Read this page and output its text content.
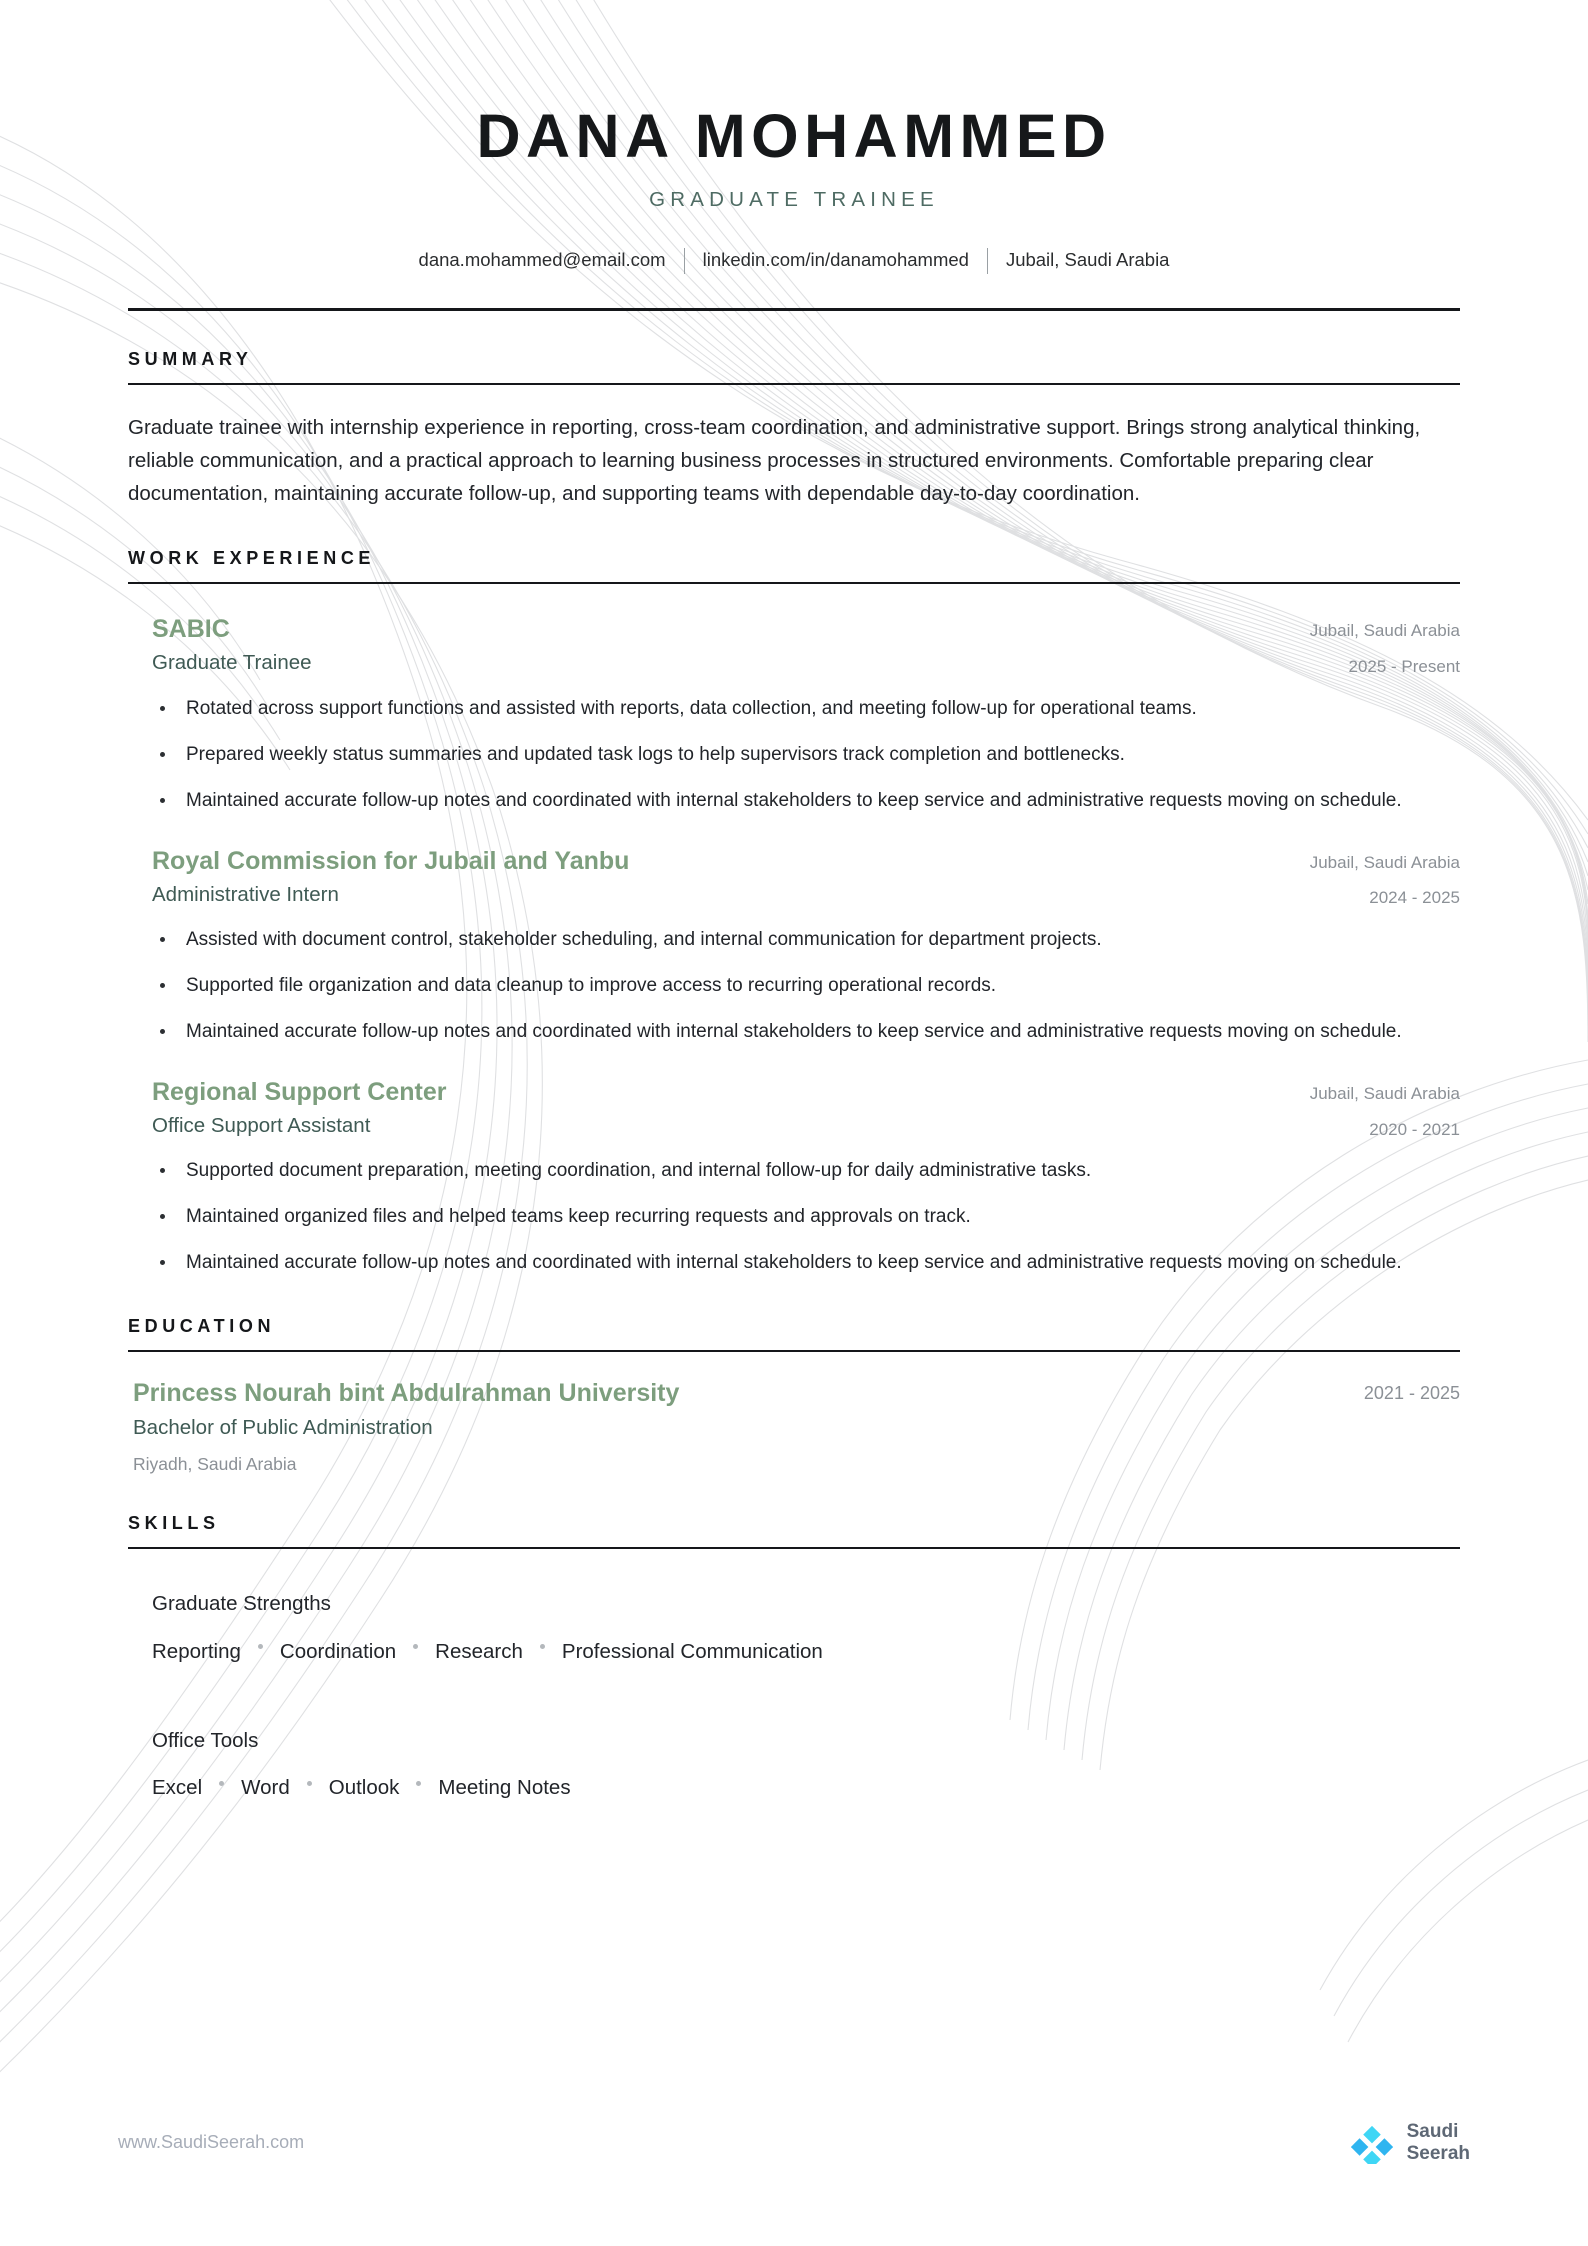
DANA MOHAMMED
GRADUATE TRAINEE
dana.mohammed@email.com linkedin.com/in/danamohammed Jubail, Saudi Arabia
SUMMARY
Graduate trainee with internship experience in reporting, cross-team coordination, and administrative support. Brings strong analytical thinking, reliable communication, and a practical approach to learning business processes in structured environments. Comfortable preparing clear documentation, maintaining accurate follow-up, and supporting teams with dependable day-to-day coordination.
WORK EXPERIENCE
SABIC
Graduate Trainee
Jubail, Saudi Arabia
2025 - Present
Rotated across support functions and assisted with reports, data collection, and meeting follow-up for operational teams.
Prepared weekly status summaries and updated task logs to help supervisors track completion and bottlenecks.
Maintained accurate follow-up notes and coordinated with internal stakeholders to keep service and administrative requests moving on schedule.
Royal Commission for Jubail and Yanbu
Administrative Intern
Jubail, Saudi Arabia
2024 - 2025
Assisted with document control, stakeholder scheduling, and internal communication for department projects.
Supported file organization and data cleanup to improve access to recurring operational records.
Maintained accurate follow-up notes and coordinated with internal stakeholders to keep service and administrative requests moving on schedule.
Regional Support Center
Office Support Assistant
Jubail, Saudi Arabia
2020 - 2021
Supported document preparation, meeting coordination, and internal follow-up for daily administrative tasks.
Maintained organized files and helped teams keep recurring requests and approvals on track.
Maintained accurate follow-up notes and coordinated with internal stakeholders to keep service and administrative requests moving on schedule.
EDUCATION
Princess Nourah bint Abdulrahman University
Bachelor of Public Administration
Riyadh, Saudi Arabia
2021 - 2025
SKILLS
Graduate Strengths
Reporting Coordination Research Professional Communication
Office Tools
Excel Word Outlook Meeting Notes
www.SaudiSeerah.com	Saudi
Seerah
